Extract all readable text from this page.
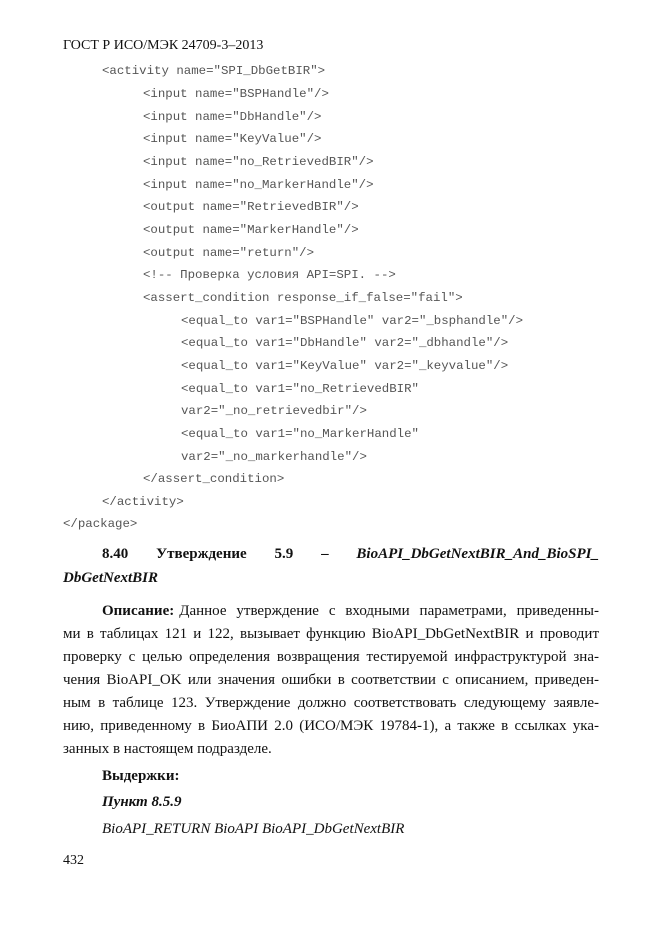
ГОСТ Р ИСО/МЭК 24709-3–2013
<activity name="SPI_DbGetBIR">
<input name="BSPHandle"/>
<input name="DbHandle"/>
<input name="KeyValue"/>
<input name="no_RetrievedBIR"/>
<input name="no_MarkerHandle"/>
<output name="RetrievedBIR"/>
<output name="MarkerHandle"/>
<output name="return"/>
<!-- Проверка условия API=SPI. -->
<assert_condition response_if_false="fail">
<equal_to var1="BSPHandle" var2="_bsphandle"/>
<equal_to var1="DbHandle" var2="_dbhandle"/>
<equal_to var1="KeyValue" var2="_keyvalue"/>
<equal_to var1="no_RetrievedBIR"
var2="_no_retrievedbir"/>
<equal_to var1="no_MarkerHandle"
var2="_no_markerhandle"/>
</assert_condition>
</activity>
</package>
8.40 Утверждение 5.9 – BioAPI_DbGetNextBIR_And_BioSPI_
DbGetNextBIR
Описание: Данное утверждение с входными параметрами, приведенны-
ми в таблицах 121 и 122, вызывает функцию BioAPI_DbGetNextBIR и проводит
проверку с целью определения возвращения тестируемой инфраструктурой зна-
чения BioAPI_OK или значения ошибки в соответствии с описанием, приведен-
ным в таблице 123. Утверждение должно соответствовать следующему заявле-
нию, приведенному в БиоАПИ 2.0 (ИСО/МЭК 19784-1), а также в ссылках ука-
занных в настоящем подразделе.
Выдержки:
Пункт 8.5.9
BioAPI_RETURN BioAPI BioAPI_DbGetNextBIR
432
